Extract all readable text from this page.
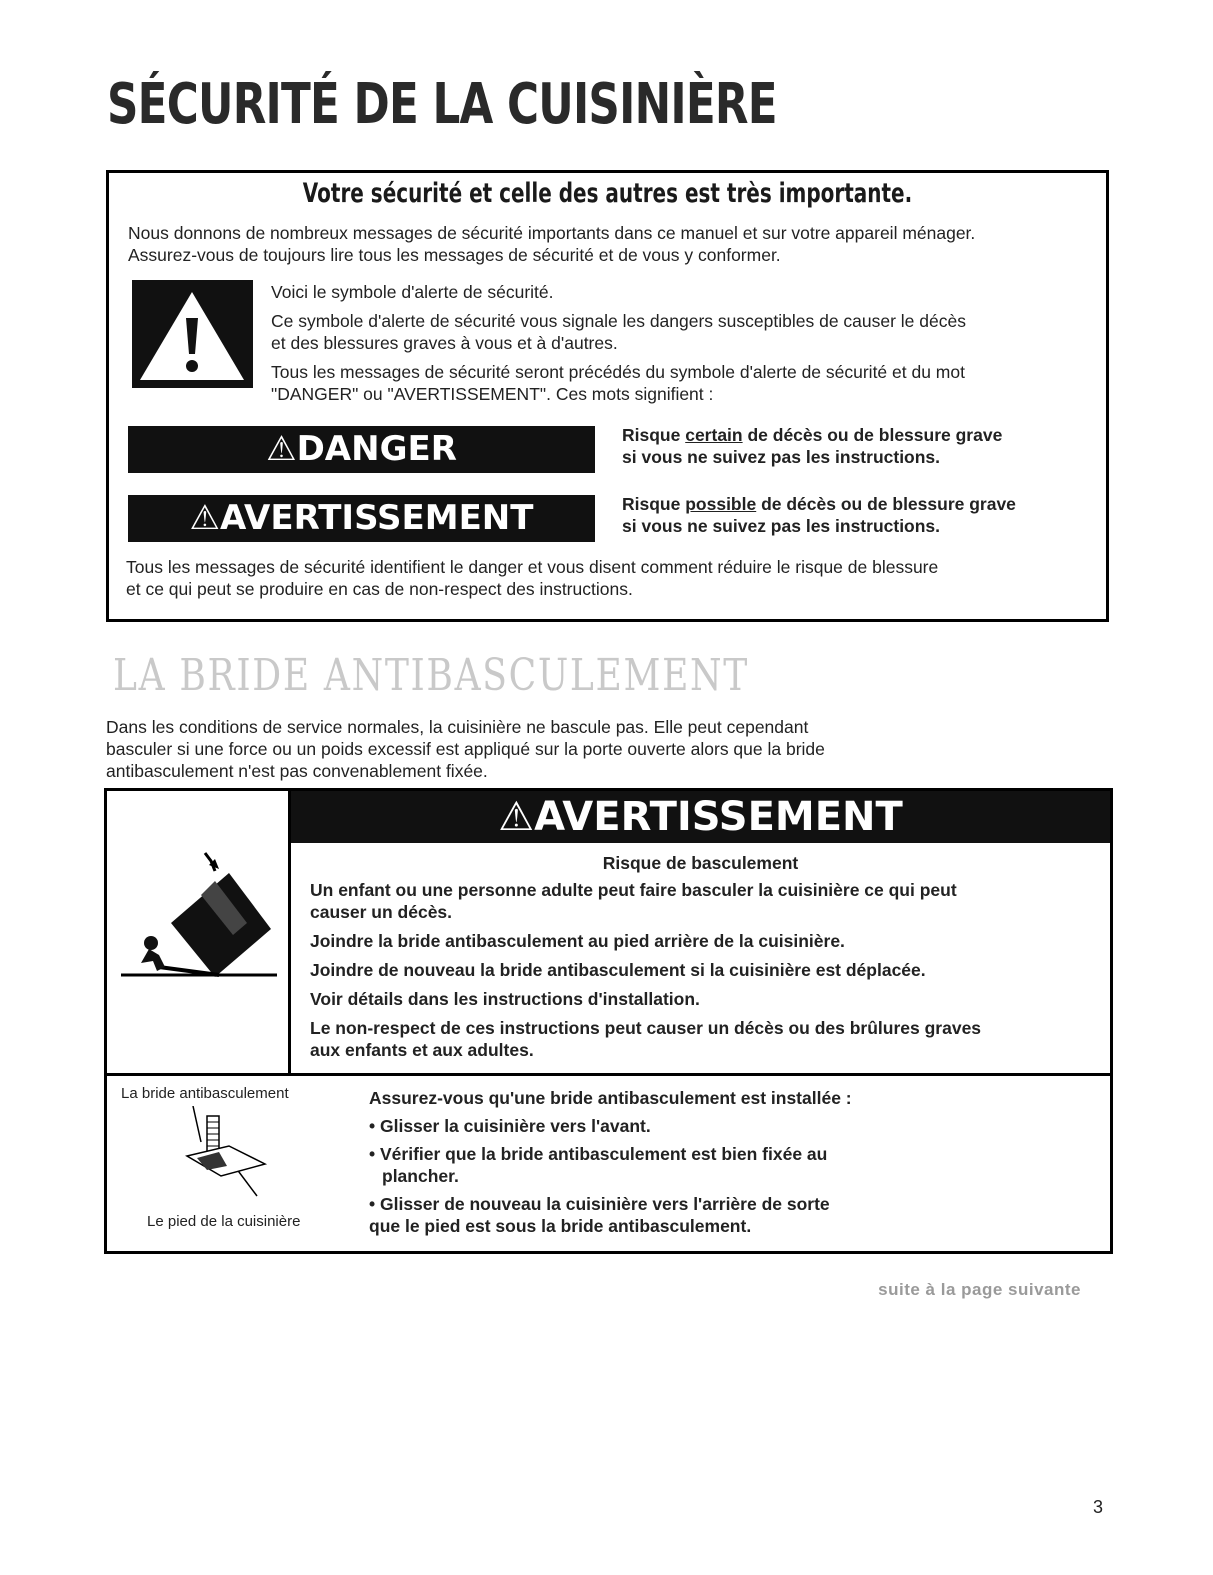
SÉCURITÉ DE LA CUISINIÈRE
Votre sécurité et celle des autres est très importante.
Nous donnons de nombreux messages de sécurité importants dans ce manuel et sur votre appareil ménager.
Assurez-vous de toujours lire tous les messages de sécurité et de vous y conformer.
Voici le symbole d'alerte de sécurité.
Ce symbole d'alerte de sécurité vous signale les dangers susceptibles de causer le décès
et des blessures graves à vous et à d'autres.
Tous les messages de sécurité seront précédés du symbole d'alerte de sécurité et du mot
"DANGER" ou "AVERTISSEMENT". Ces mots signifient :
⚠DANGER	Risque certain de décès ou de blessure grave
si vous ne suivez pas les instructions.
⚠AVERTISSEMENT	Risque possible de décès ou de blessure grave
si vous ne suivez pas les instructions.
Tous les messages de sécurité identifient le danger et vous disent comment réduire le risque de blessure
et ce qui peut se produire en cas de non-respect des instructions.
LA BRIDE ANTIBASCULEMENT
Dans les conditions de service normales, la cuisinière ne bascule pas. Elle peut cependant
basculer si une force ou un poids excessif est appliqué sur la porte ouverte alors que la bride
antibasculement n'est pas convenablement fixée.
⚠AVERTISSEMENT
Risque de basculement
Un enfant ou une personne adulte peut faire basculer la cuisinière ce qui peut
causer un décès.
Joindre la bride antibasculement au pied arrière de la cuisinière.
Joindre de nouveau la bride antibasculement si la cuisinière est déplacée.
Voir détails dans les instructions d'installation.
Le non-respect de ces instructions peut causer un décès ou des brûlures graves
aux enfants et aux adultes.
La bride antibasculement
Le pied de la cuisinière
Assurez-vous qu'une bride antibasculement est installée :
• Glisser la cuisinière vers l'avant.
• Vérifier que la bride antibasculement est bien fixée au
plancher.
• Glisser de nouveau la cuisinière vers l'arrière de sorte
que le pied est sous la bride antibasculement.
suite à la page suivante
3
